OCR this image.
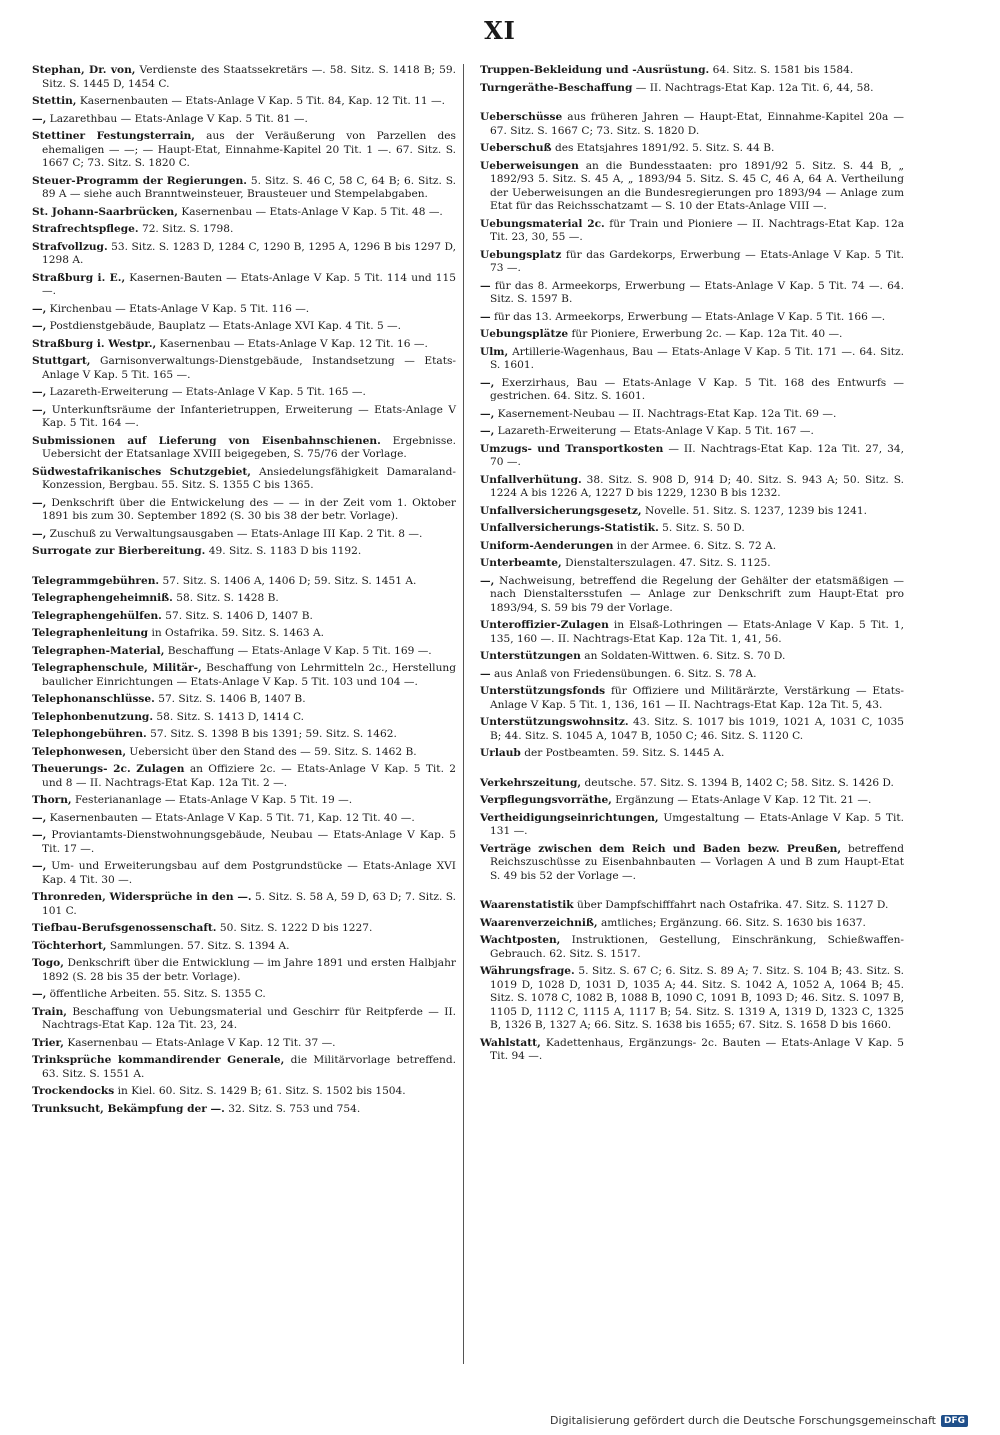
XI

Stephan, Dr. von, Verdienste des Staatssekretärs —. 58. Sitz. S. 1418 B; 59. Sitz. S. 1445 D, 1454 C.

Stettin, Kasernenbauten — Etats-Anlage V Kap. 5 Tit. 84, Kap. 12 Tit. 11 —.

—, Lazarethbau — Etats-Anlage V Kap. 5 Tit. 81 —.

Stettiner Festungsterrain, aus der Veräußerung von Parzellen des ehemaligen — —; — Haupt-Etat, Einnahme-Kapitel 20 Tit. 1 —. 67. Sitz. S. 1667 C; 73. Sitz. S. 1820 C.

Steuer-Programm der Regierungen. 5. Sitz. S. 46 C, 58 C, 64 B; 6. Sitz. S. 89 A — siehe auch Branntweinsteuer, Brausteuer und Stempelabgaben.

St. Johann-Saarbrücken, Kasernenbau — Etats-Anlage V Kap. 5 Tit. 48 —.

Strafrechtspflege. 72. Sitz. S. 1798.

Strafvollzug. 53. Sitz. S. 1283 D, 1284 C, 1290 B, 1295 A, 1296 B bis 1297 D, 1298 A.

Straßburg i. E., Kasernen-Bauten — Etats-Anlage V Kap. 5 Tit. 114 und 115 —.

—, Kirchenbau — Etats-Anlage V Kap. 5 Tit. 116 —.

—, Postdienstgebäude, Bauplatz — Etats-Anlage XVI Kap. 4 Tit. 5 —.

Straßburg i. Westpr., Kasernenbau — Etats-Anlage V Kap. 12 Tit. 16 —.

Stuttgart, Garnisonverwaltungs-Dienstgebäude, Instandsetzung — Etats-Anlage V Kap. 5 Tit. 165 —.

—, Lazareth-Erweiterung — Etats-Anlage V Kap. 5 Tit. 165 —.

—, Unterkunftsräume der Infanterietruppen, Erweiterung — Etats-Anlage V Kap. 5 Tit. 164 —.

Submissionen auf Lieferung von Eisenbahnschienen. Ergebnisse. Uebersicht der Etatsanlage XVIII beigegeben, S. 75/76 der Vorlage.

Südwestafrikanisches Schutzgebiet, Ansiedelungsfähigkeit Damaraland-Konzession, Bergbau. 55. Sitz. S. 1355 C bis 1365.

—, Denkschrift über die Entwickelung des — — in der Zeit vom 1. Oktober 1891 bis zum 30. September 1892 (S. 30 bis 38 der betr. Vorlage).

—, Zuschuß zu Verwaltungsausgaben — Etats-Anlage III Kap. 2 Tit. 8 —.

Surrogate zur Bierbereitung. 49. Sitz. S. 1183 D bis 1192.

Telegrammgebühren. 57. Sitz. S. 1406 A, 1406 D; 59. Sitz. S. 1451 A.

Telegraphengeheimniß. 58. Sitz. S. 1428 B.

Telegraphengehülfen. 57. Sitz. S. 1406 D, 1407 B.

Telegraphenleitung in Ostafrika. 59. Sitz. S. 1463 A.

Telegraphen-Material, Beschaffung — Etats-Anlage V Kap. 5 Tit. 169 —.

Telegraphenschule, Militär-, Beschaffung von Lehrmitteln 2c., Herstellung baulicher Einrichtungen — Etats-Anlage V Kap. 5 Tit. 103 und 104 —.

Telephonanschlüsse. 57. Sitz. S. 1406 B, 1407 B.

Telephonbenutzung. 58. Sitz. S. 1413 D, 1414 C.

Telephongebühren. 57. Sitz. S. 1398 B bis 1391; 59. Sitz. S. 1462.

Telephonwesen, Uebersicht über den Stand des — 59. Sitz. S. 1462 B.

Theuerungs- 2c. Zulagen an Offiziere 2c. — Etats-Anlage V Kap. 5 Tit. 2 und 8 — II. Nachtrags-Etat Kap. 12a Tit. 2 —.

Thorn, Festeriananlage — Etats-Anlage V Kap. 5 Tit. 19 —.

—, Kasernenbauten — Etats-Anlage V Kap. 5 Tit. 71, Kap. 12 Tit. 40 —.

—, Proviantamts-Dienstwohnungsgebäude, Neubau — Etats-Anlage V Kap. 5 Tit. 17 —.

—, Um- und Erweiterungsbau auf dem Postgrundstücke — Etats-Anlage XVI Kap. 4 Tit. 30 —.

Thronreden, Widersprüche in den —. 5. Sitz. S. 58 A, 59 D, 63 D; 7. Sitz. S. 101 C.

Tiefbau-Berufsgenossenschaft. 50. Sitz. S. 1222 D bis 1227.

Töchterhort, Sammlungen. 57. Sitz. S. 1394 A.

Togo, Denkschrift über die Entwicklung — im Jahre 1891 und ersten Halbjahr 1892 (S. 28 bis 35 der betr. Vorlage).

—, öffentliche Arbeiten. 55. Sitz. S. 1355 C.

Train, Beschaffung von Uebungsmaterial und Geschirr für Reitpferde — II. Nachtrags-Etat Kap. 12a Tit. 23, 24.

Trier, Kasernenbau — Etats-Anlage V Kap. 12 Tit. 37 —.

Trinksprüche kommandirender Generale, die Militärvorlage betreffend. 63. Sitz. S. 1551 A.

Trockendocks in Kiel. 60. Sitz. S. 1429 B; 61. Sitz. S. 1502 bis 1504.

Trunksucht, Bekämpfung der —. 32. Sitz. S. 753 und 754.

Truppen-Bekleidung und -Ausrüstung. 64. Sitz. S. 1581 bis 1584.

Turngeräthe-Beschaffung — II. Nachtrags-Etat Kap. 12a Tit. 6, 44, 58.

Ueberschüsse aus früheren Jahren — Haupt-Etat, Einnahme-Kapitel 20a — 67. Sitz. S. 1667 C; 73. Sitz. S. 1820 D.

Ueberschuß des Etatsjahres 1891/92. 5. Sitz. S. 44 B.

Ueberweisungen an die Bundesstaaten: pro 1891/92 5. Sitz. S. 44 B, „ 1892/93 5. Sitz. S. 45 A, „ 1893/94 5. Sitz. S. 45 C, 46 A, 64 A. Vertheilung der Ueberweisungen an die Bundesregierungen pro 1893/94 — Anlage zum Etat für das Reichsschatzamt — S. 10 der Etats-Anlage VIII —.

Uebungsmaterial 2c. für Train und Pioniere — II. Nachtrags-Etat Kap. 12a Tit. 23, 30, 55 —.

Uebungsplatz für das Gardekorps, Erwerbung — Etats-Anlage V Kap. 5 Tit. 73 —.

— für das 8. Armeekorps, Erwerbung — Etats-Anlage V Kap. 5 Tit. 74 —. 64. Sitz. S. 1597 B.

— für das 13. Armeekorps, Erwerbung — Etats-Anlage V Kap. 5 Tit. 166 —.

Uebungsplätze für Pioniere, Erwerbung 2c. — Kap. 12a Tit. 40 —.

Ulm, Artillerie-Wagenhaus, Bau — Etats-Anlage V Kap. 5 Tit. 171 —. 64. Sitz. S. 1601.

—, Exerzirhaus, Bau — Etats-Anlage V Kap. 5 Tit. 168 des Entwurfs — gestrichen. 64. Sitz. S. 1601.

—, Kasernement-Neubau — II. Nachtrags-Etat Kap. 12a Tit. 69 —.

—, Lazareth-Erweiterung — Etats-Anlage V Kap. 5 Tit. 167 —.

Umzugs- und Transportkosten — II. Nachtrags-Etat Kap. 12a Tit. 27, 34, 70 —.

Unfallverhütung. 38. Sitz. S. 908 D, 914 D; 40. Sitz. S. 943 A; 50. Sitz. S. 1224 A bis 1226 A, 1227 D bis 1229, 1230 B bis 1232.

Unfallversicherungsgesetz, Novelle. 51. Sitz. S. 1237, 1239 bis 1241.

Unfallversicherungs-Statistik. 5. Sitz. S. 50 D.

Uniform-Aenderungen in der Armee. 6. Sitz. S. 72 A.

Unterbeamte, Dienstalterszulagen. 47. Sitz. S. 1125.

—, Nachweisung, betreffend die Regelung der Gehälter der etatsmäßigen — nach Dienstaltersstufen — Anlage zur Denkschrift zum Haupt-Etat pro 1893/94, S. 59 bis 79 der Vorlage.

Unteroffizier-Zulagen in Elsaß-Lothringen — Etats-Anlage V Kap. 5 Tit. 1, 135, 160 —. II. Nachtrags-Etat Kap. 12a Tit. 1, 41, 56.

Unterstützungen an Soldaten-Wittwen. 6. Sitz. S. 70 D.

— aus Anlaß von Friedensübungen. 6. Sitz. S. 78 A.

Unterstützungsfonds für Offiziere und Militärärzte, Verstärkung — Etats-Anlage V Kap. 5 Tit. 1, 136, 161 — II. Nachtrags-Etat Kap. 12a Tit. 5, 43.

Unterstützungswohnsitz. 43. Sitz. S. 1017 bis 1019, 1021 A, 1031 C, 1035 B; 44. Sitz. S. 1045 A, 1047 B, 1050 C; 46. Sitz. S. 1120 C.

Urlaub der Postbeamten. 59. Sitz. S. 1445 A.

Verkehrszeitung, deutsche. 57. Sitz. S. 1394 B, 1402 C; 58. Sitz. S. 1426 D.

Verpflegungsvorräthe, Ergänzung — Etats-Anlage V Kap. 12 Tit. 21 —.

Vertheidigungseinrichtungen, Umgestaltung — Etats-Anlage V Kap. 5 Tit. 131 —.

Verträge zwischen dem Reich und Baden bezw. Preußen, betreffend Reichszuschüsse zu Eisenbahnbauten — Vorlagen A und B zum Haupt-Etat S. 49 bis 52 der Vorlage —.

Waarenstatistik über Dampfschifffahrt nach Ostafrika. 47. Sitz. S. 1127 D.

Waarenverzeichniß, amtliches; Ergänzung. 66. Sitz. S. 1630 bis 1637.

Wachtposten, Instruktionen, Gestellung, Einschränkung, Schießwaffen-Gebrauch. 62. Sitz. S. 1517.

Währungsfrage. 5. Sitz. S. 67 C; 6. Sitz. S. 89 A; 7. Sitz. S. 104 B; 43. Sitz. S. 1019 D, 1028 D, 1031 D, 1035 A; 44. Sitz. S. 1042 A, 1052 A, 1064 B; 45. Sitz. S. 1078 C, 1082 B, 1088 B, 1090 C, 1091 B, 1093 D; 46. Sitz. S. 1097 B, 1105 D, 1112 C, 1115 A, 1117 B; 54. Sitz. S. 1319 A, 1319 D, 1323 C, 1325 B, 1326 B, 1327 A; 66. Sitz. S. 1638 bis 1655; 67. Sitz. S. 1658 D bis 1660.

Wahlstatt, Kadettenhaus, Ergänzungs- 2c. Bauten — Etats-Anlage V Kap. 5 Tit. 94 —.

Digitalisierung gefördert durch die Deutsche Forschungsgemeinschaft DFG
